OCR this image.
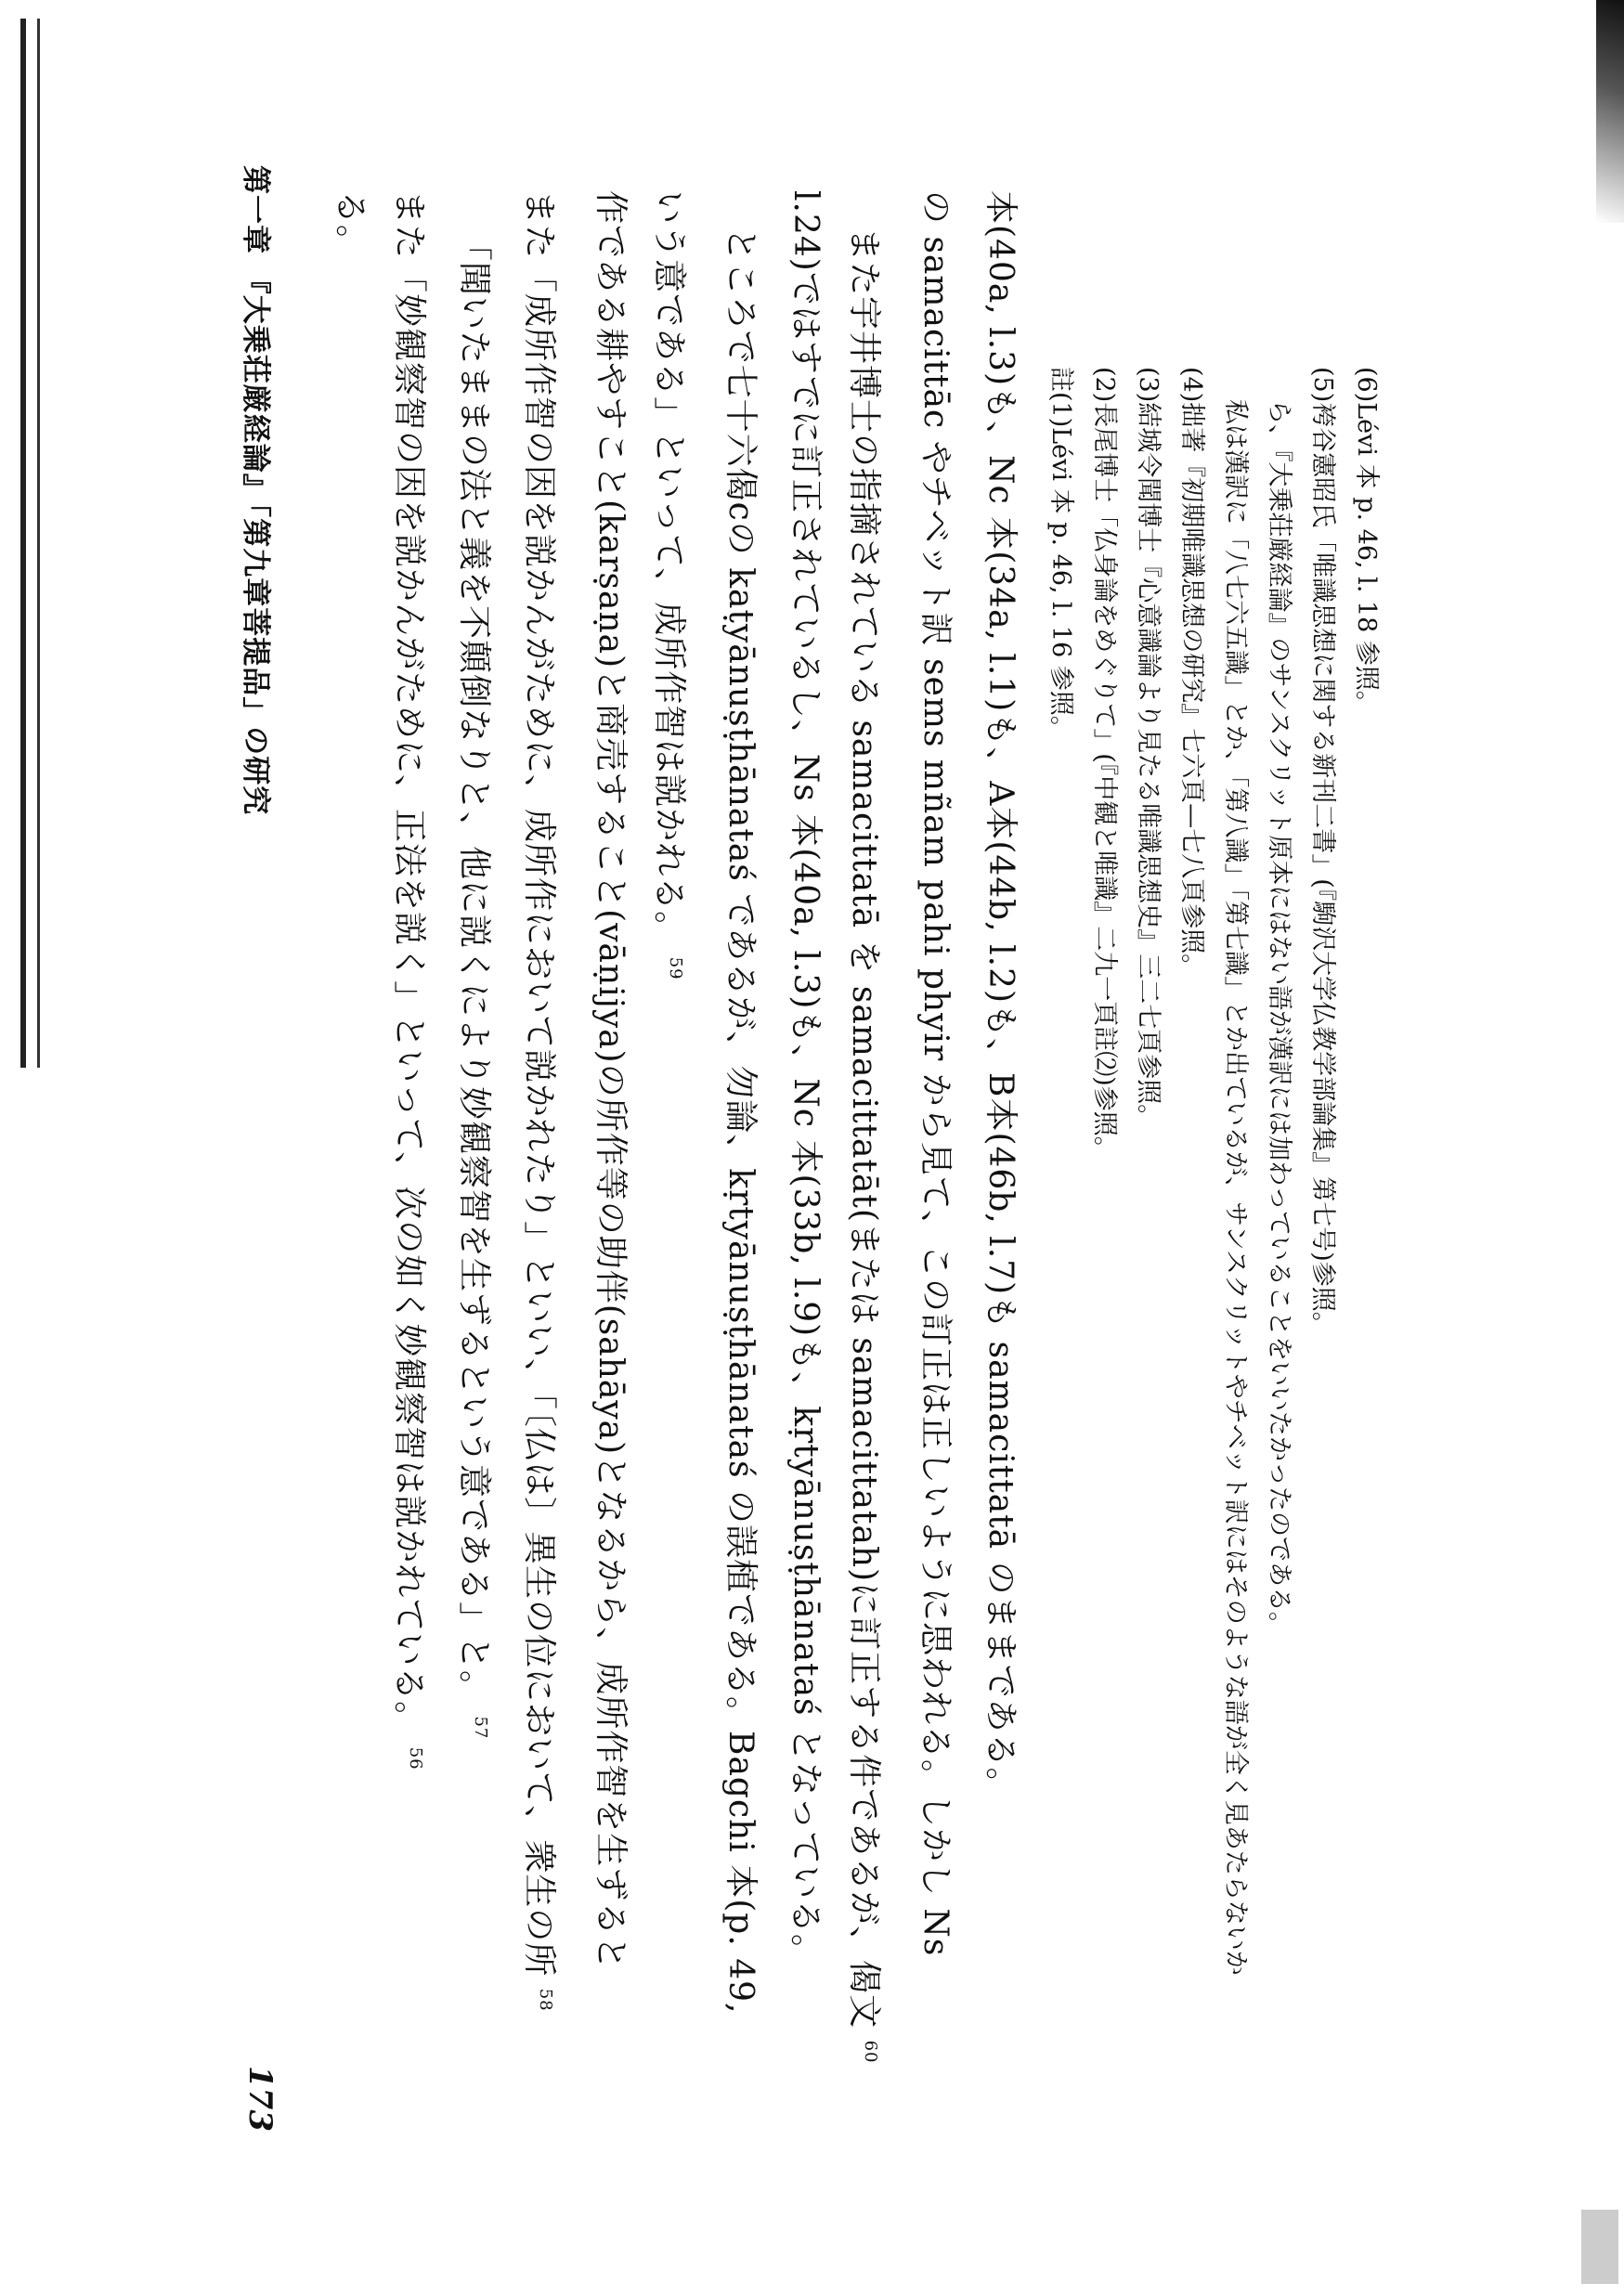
第一章 『大乗荘厳経論』「第九章菩提品」の研究 る。 また「妙観察智の因を説かんがために、正法を説く」といって、次の如く妙観察智は説かれている。 $^{56}$
「聞いたままの法と義を不顛倒なりと、他に説くにより妙観察智を生ずるという意である」と。 $^{57}$ また「成所作智の因を説かんがために、成所作において説かれたり」といい、「〔仏は〕異生の位において、衆生の所 $^{58}$
作である耕やすこと(karṣaṇa)と商売すること(vāṇijya)の所作等の助伴(sahāya)となるから、成所作智を生ずると いう意である」といって、成所作智は説かれる。 $^{59}$ ところで七十六偈cの kaṭyānuṣṭhānataś であるが、勿論、kṛtyānuṣṭhānataś の誤植である。Bagchi 本(p. 49, l.24)ではすでに訂正されているし、Ns 本(40a, l.3)も、Nc 本(33b, l.9)も、kṛtyānuṣṭhānataś となっている。 また宇井博士の指摘されている samacittatā を samacittatāt(または samacittatah)に訂正する件であるが、偈文 $^{60}$
の samacittāc やチベット訳 sems mñam pahi phyir から見て、この訂正は正しいように思われる。しかし Ns 本(40a, l.3)も、Nc 本(34a, l.1)も、A本(44b, l.2)も、B本(46b, l.7)も samacittatā のままである。 註(1)Lévi 本 p. 46, l. 16 参照。 (2)長尾博士「仏身論をめぐりて」(『中観と唯識』二九一頁註⑵)参照。 (3)結城令聞博士『心意識論より見たる唯識思想史』三二七頁参照。 (4)拙著『初期唯識思想の研究』七六頁—七八頁参照。 私は漢訳に「八七六五識」とか、「第八識」「第七識」とか出ているが、サンスクリットやチベット訳にはそのような語が全く見あたらないか ら、『大乗荘厳経論』のサンスクリット原本にはない語が漢訳には加わっていることをいいたかったのである。 (5)袴谷憲昭氏「唯識思想に関する新刊二書」(『駒沢大学仏教学部論集』第七号)参照。 (6)Lévi 本 p. 46, l. 18 参照。
173
